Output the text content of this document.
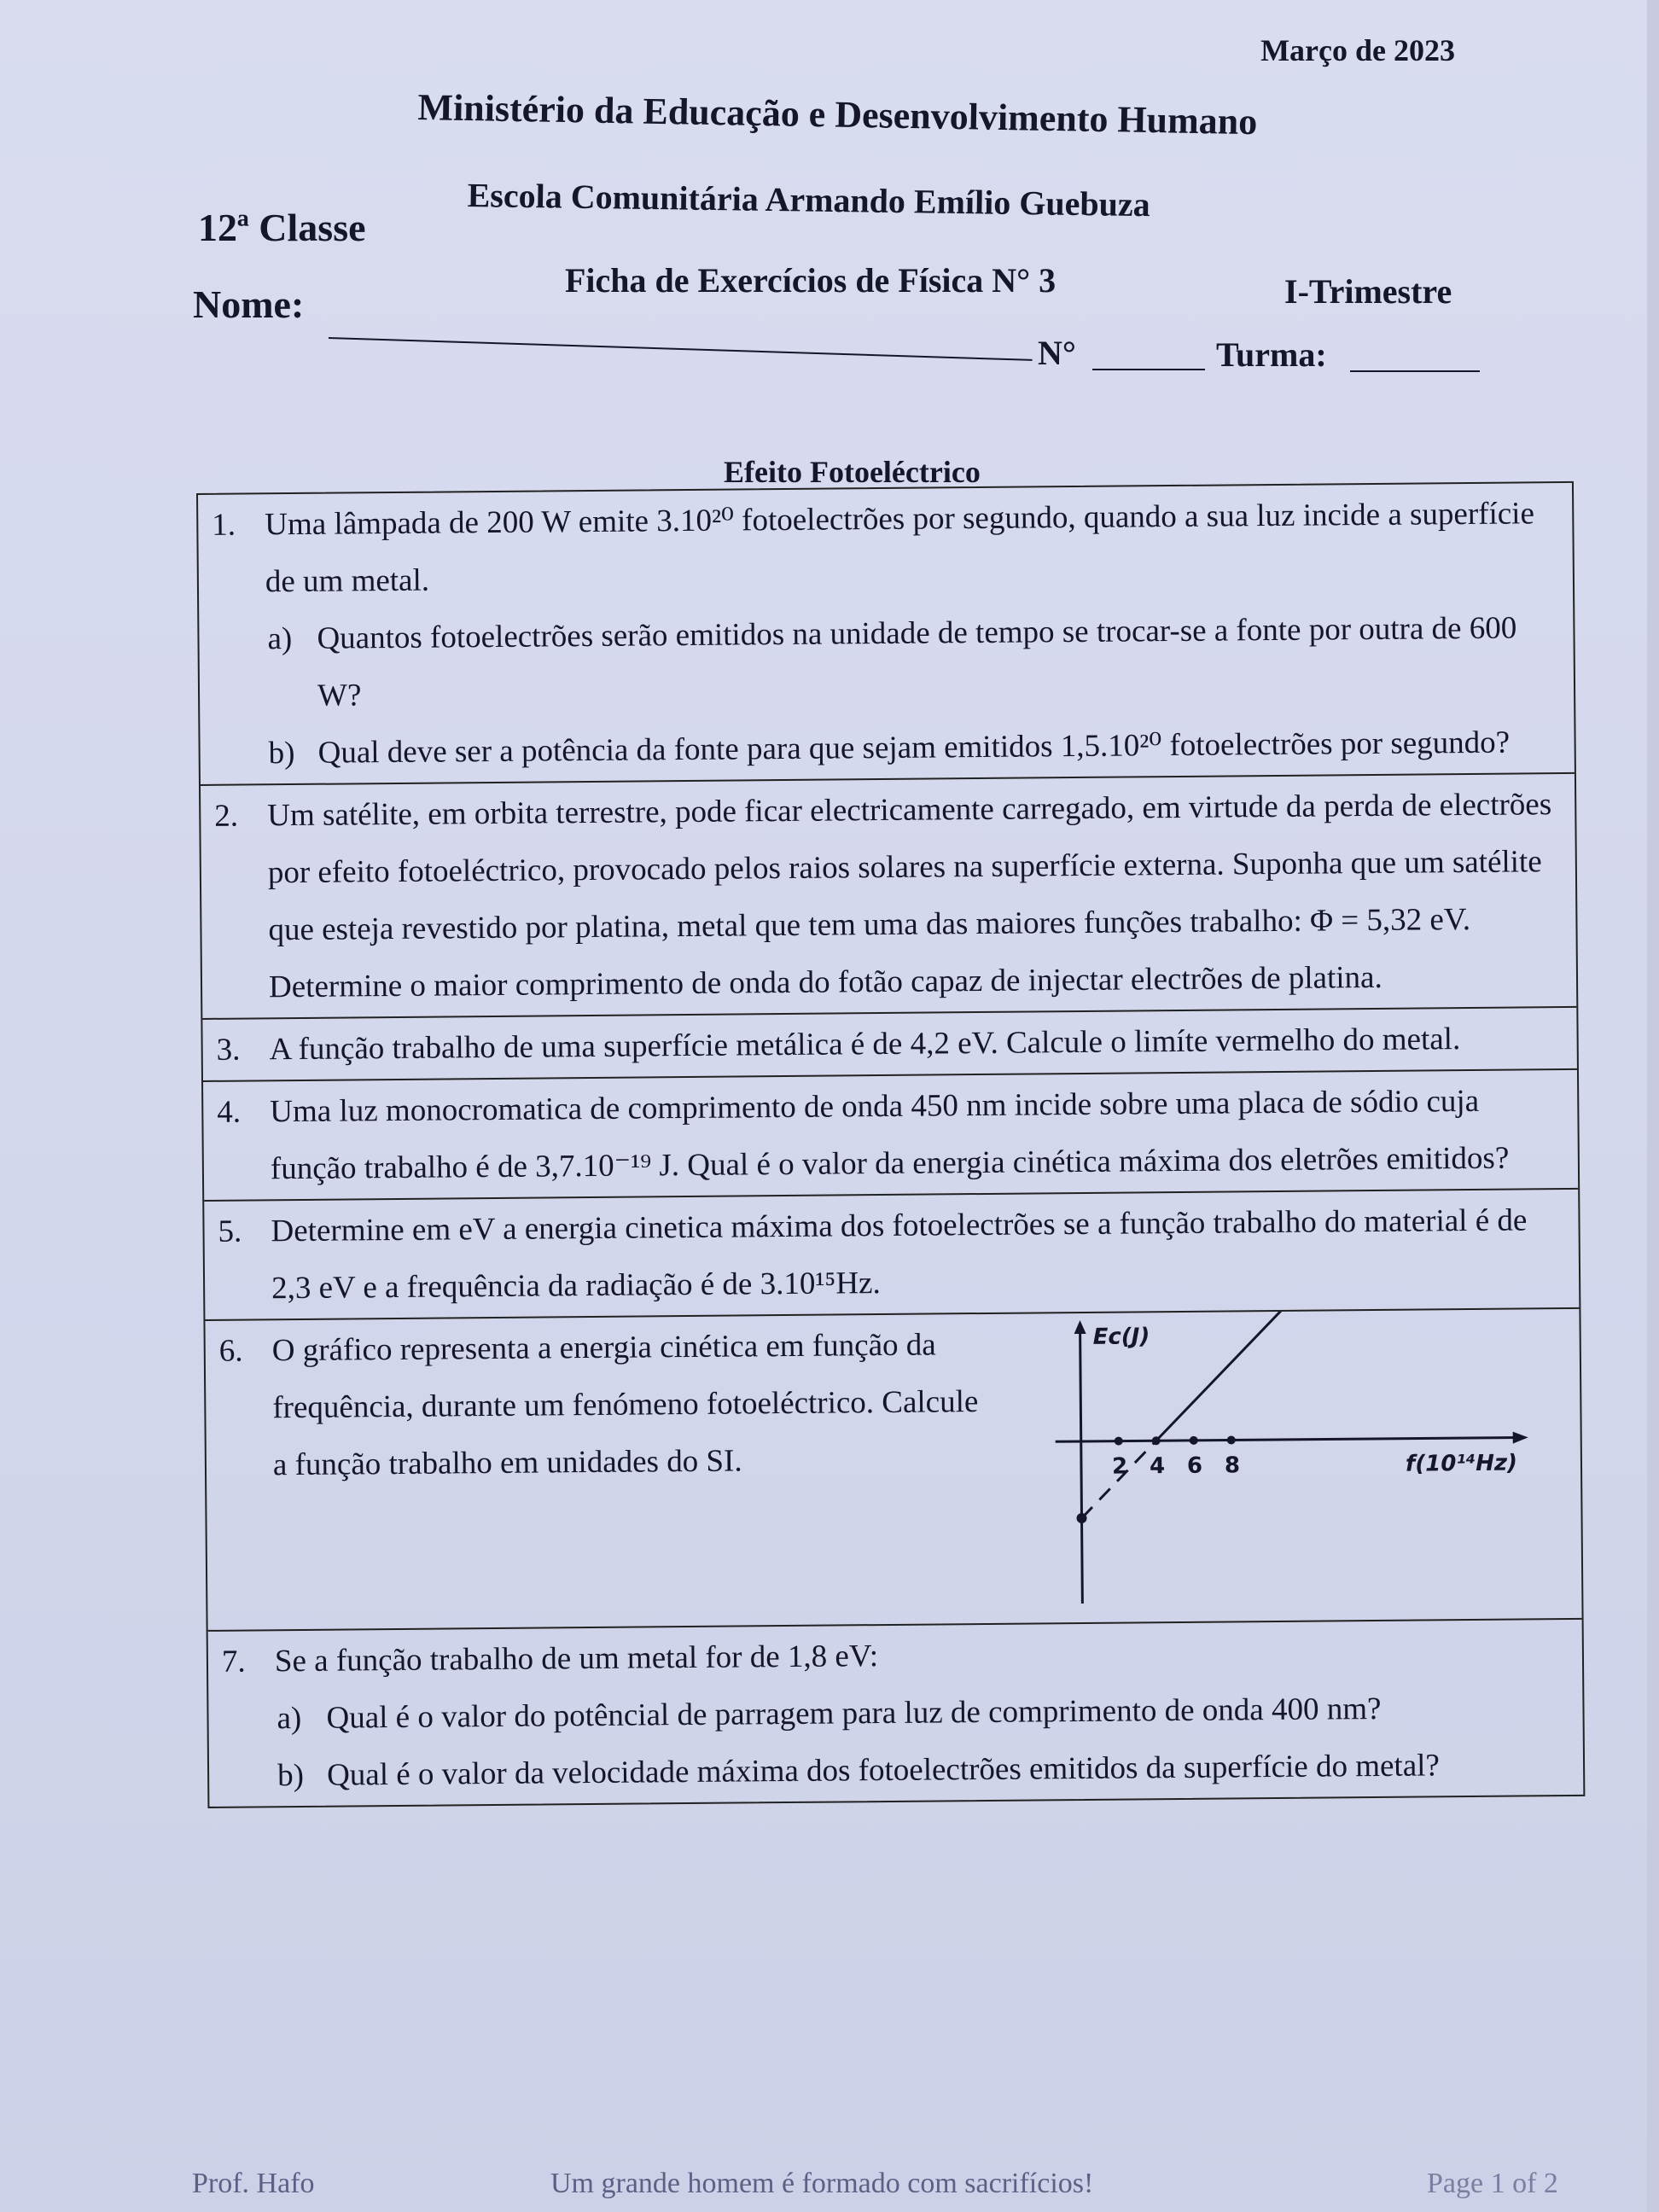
Março de 2023
Ministério da Educação e Desenvolvimento Humano
Escola Comunitária Armando Emílio Guebuza
12ª Classe
Ficha de Exercícios de Física N° 3	I-Trimestre
Nome:
N°	Turma:
Efeito Fotoeléctrico
1. Uma lâmpada de 200 W emite 3.10²⁰ fotoelectrões por segundo, quando a sua luz incide a superfície de um metal.
a) Quantos fotoelectrões serão emitidos na unidade de tempo se trocar-se a fonte por outra de 600 W?
b) Qual deve ser a potência da fonte para que sejam emitidos 1,5.10²⁰ fotoelectrões por segundo?
2. Um satélite, em orbita terrestre, pode ficar electricamente carregado, em virtude da perda de electrões por efeito fotoeléctrico, provocado pelos raios solares na superfície externa. Suponha que um satélite que esteja revestido por platina, metal que tem uma das maiores funções trabalho: Φ = 5,32 eV. Determine o maior comprimento de onda do fotão capaz de injectar electrões de platina.
3. A função trabalho de uma superfície metálica é de 4,2 eV. Calcule o limíte vermelho do metal.
4. Uma luz monocromatica de comprimento de onda 450 nm incide sobre uma placa de sódio cuja função trabalho é de 3,7.10⁻¹⁹ J. Qual é o valor da energia cinética máxima dos eletrões emitidos?
5. Determine em eV a energia cinetica máxima dos fotoelectrões se a função trabalho do material é de 2,3 eV e a frequência da radiação é de 3.10¹⁵Hz.
6. O gráfico representa a energia cinética em função da frequência, durante um fenómeno fotoeléctrico. Calcule a função trabalho em unidades do SI.
Ec(J)
f(10¹⁴Hz)
2 4 6 8
7. Se a função trabalho de um metal for de 1,8 eV:
a) Qual é o valor do potêncial de parragem para luz de comprimento de onda 400 nm?
b) Qual é o valor da velocidade máxima dos fotoelectrões emitidos da superfície do metal?
Prof. Hafo	Um grande homem é formado com sacrifícios!	Page 1 of 2
